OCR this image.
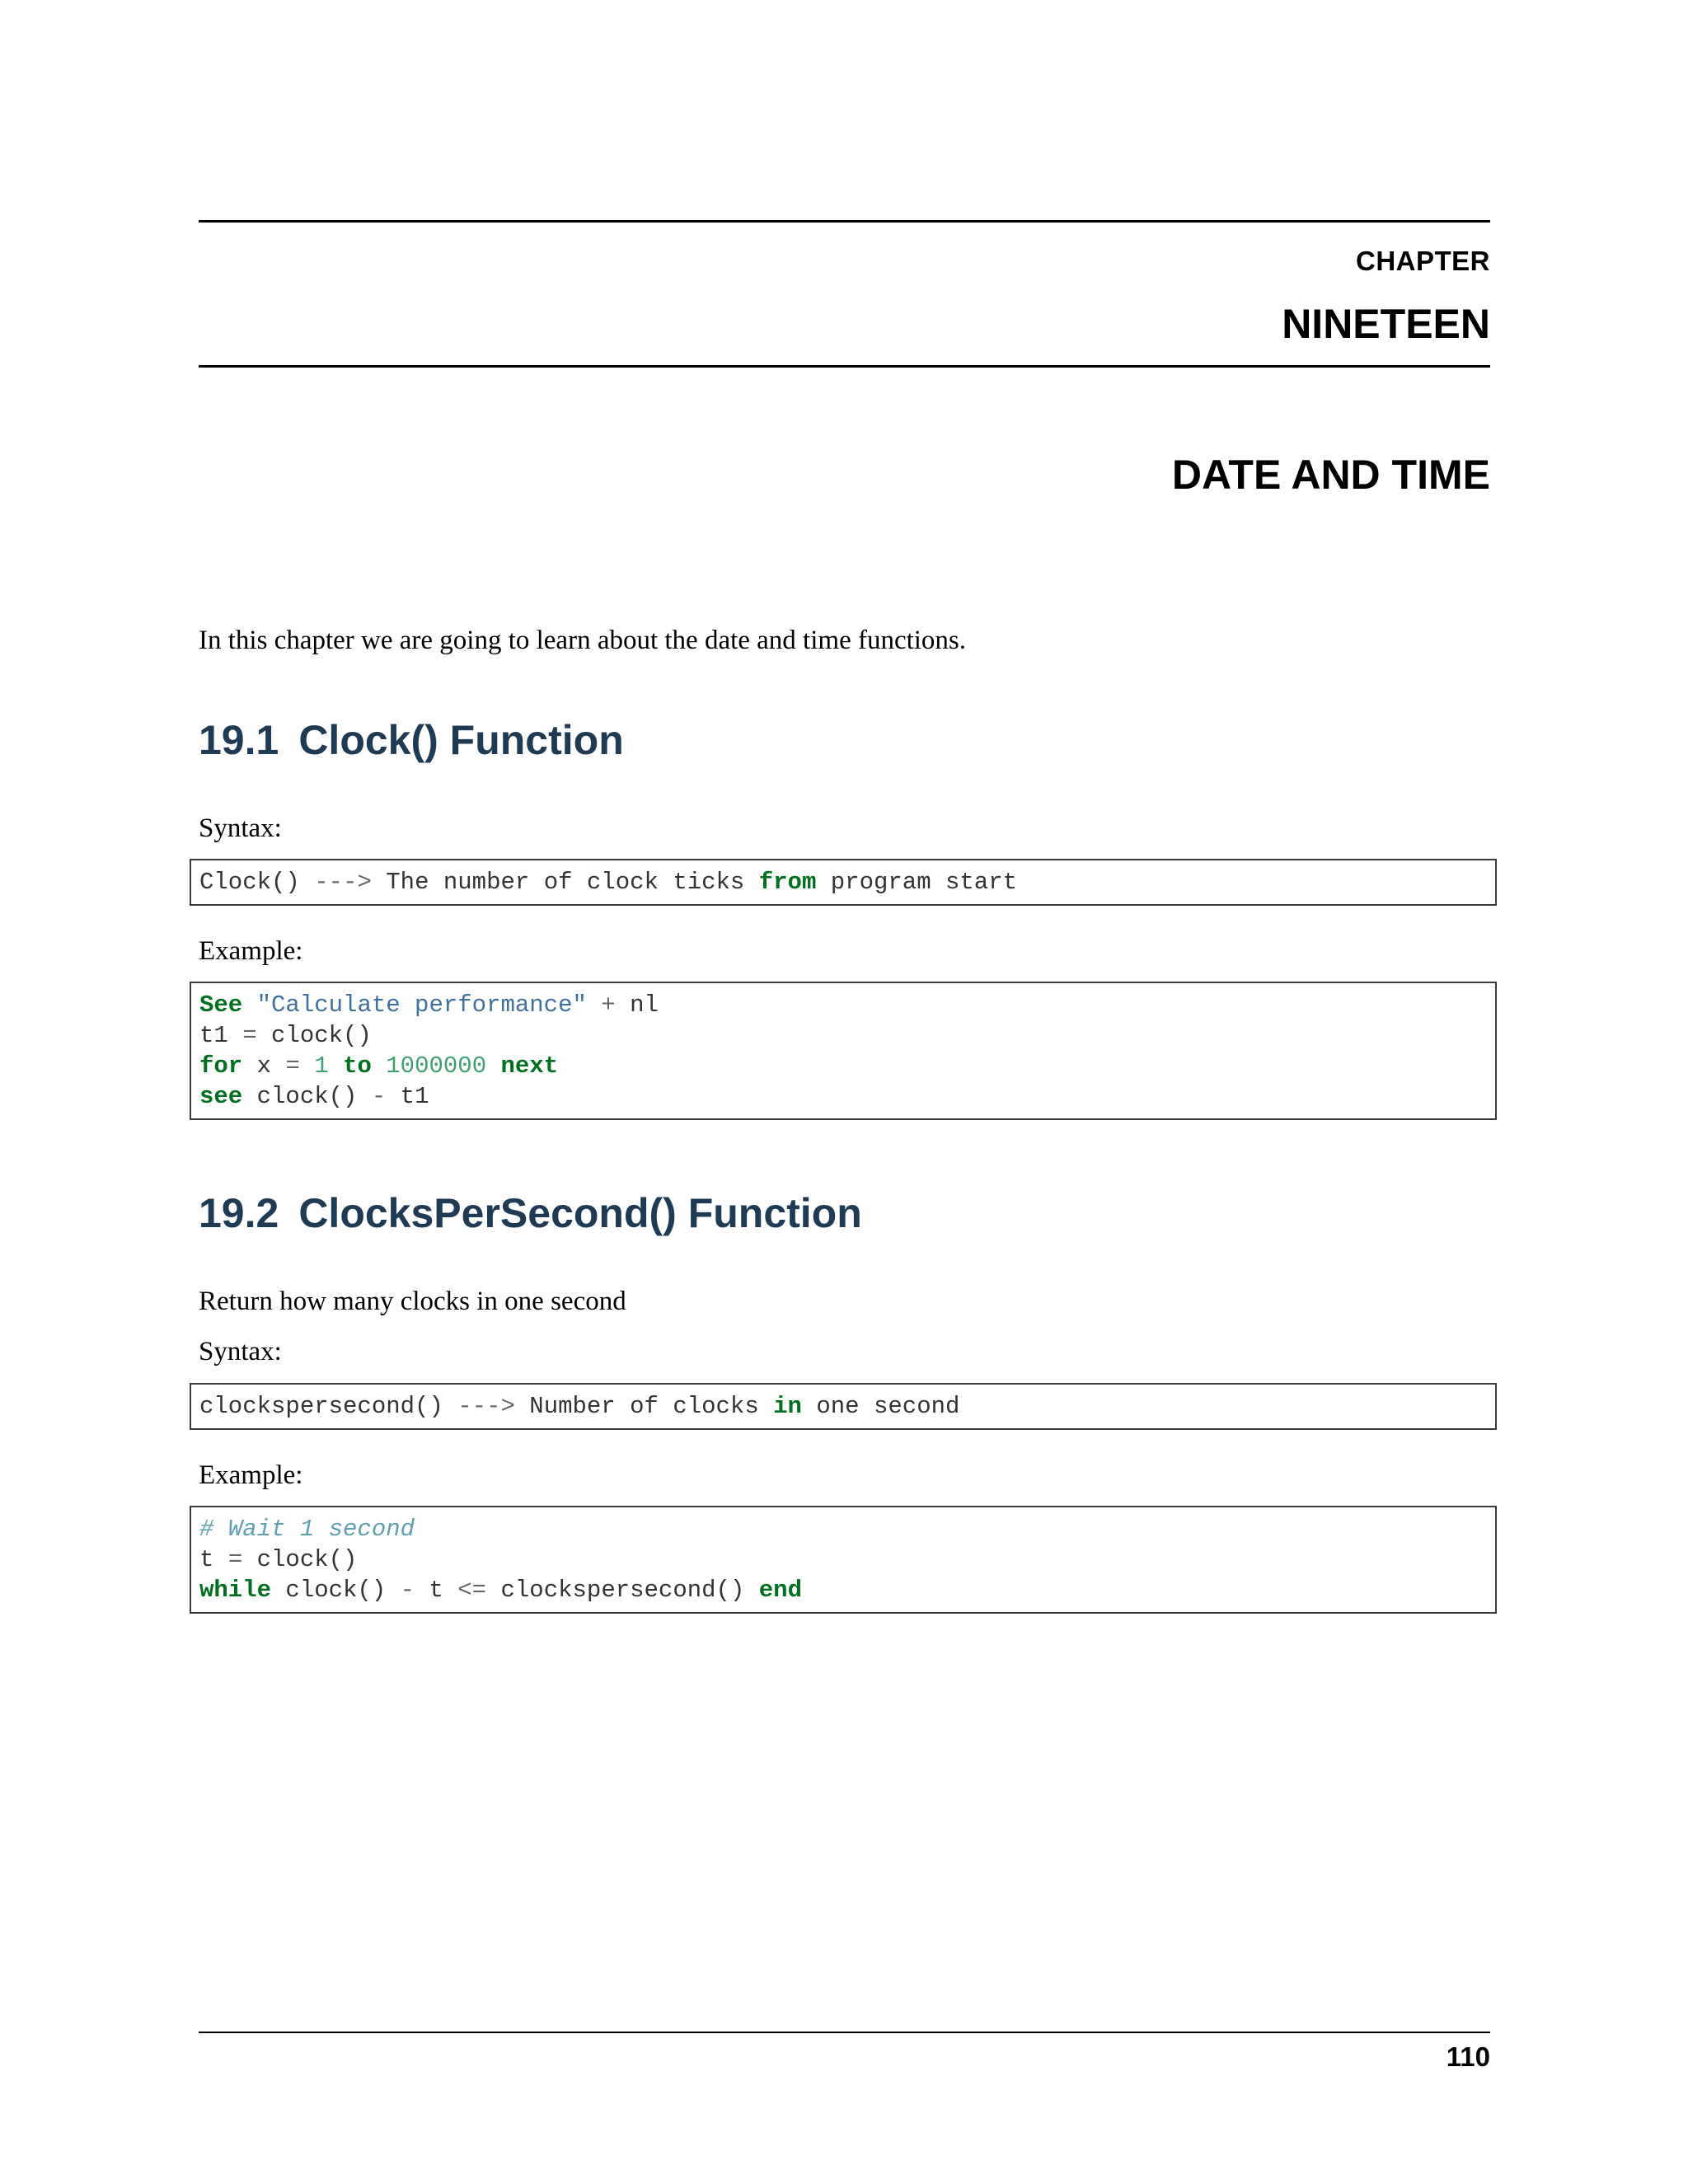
CHAPTER
NINETEEN
DATE AND TIME
In this chapter we are going to learn about the date and time functions.
19.1 Clock() Function
Syntax:
Clock() ---> The number of clock ticks from program start
Example:
See "Calculate performance" + nl
t1 = clock()
for x = 1 to 1000000 next
see clock() - t1
19.2 ClocksPerSecond() Function
Return how many clocks in one second
Syntax:
clockspersecond() ---> Number of clocks in one second
Example:
# Wait 1 second
t = clock()
while clock() - t <= clockspersecond() end
110
